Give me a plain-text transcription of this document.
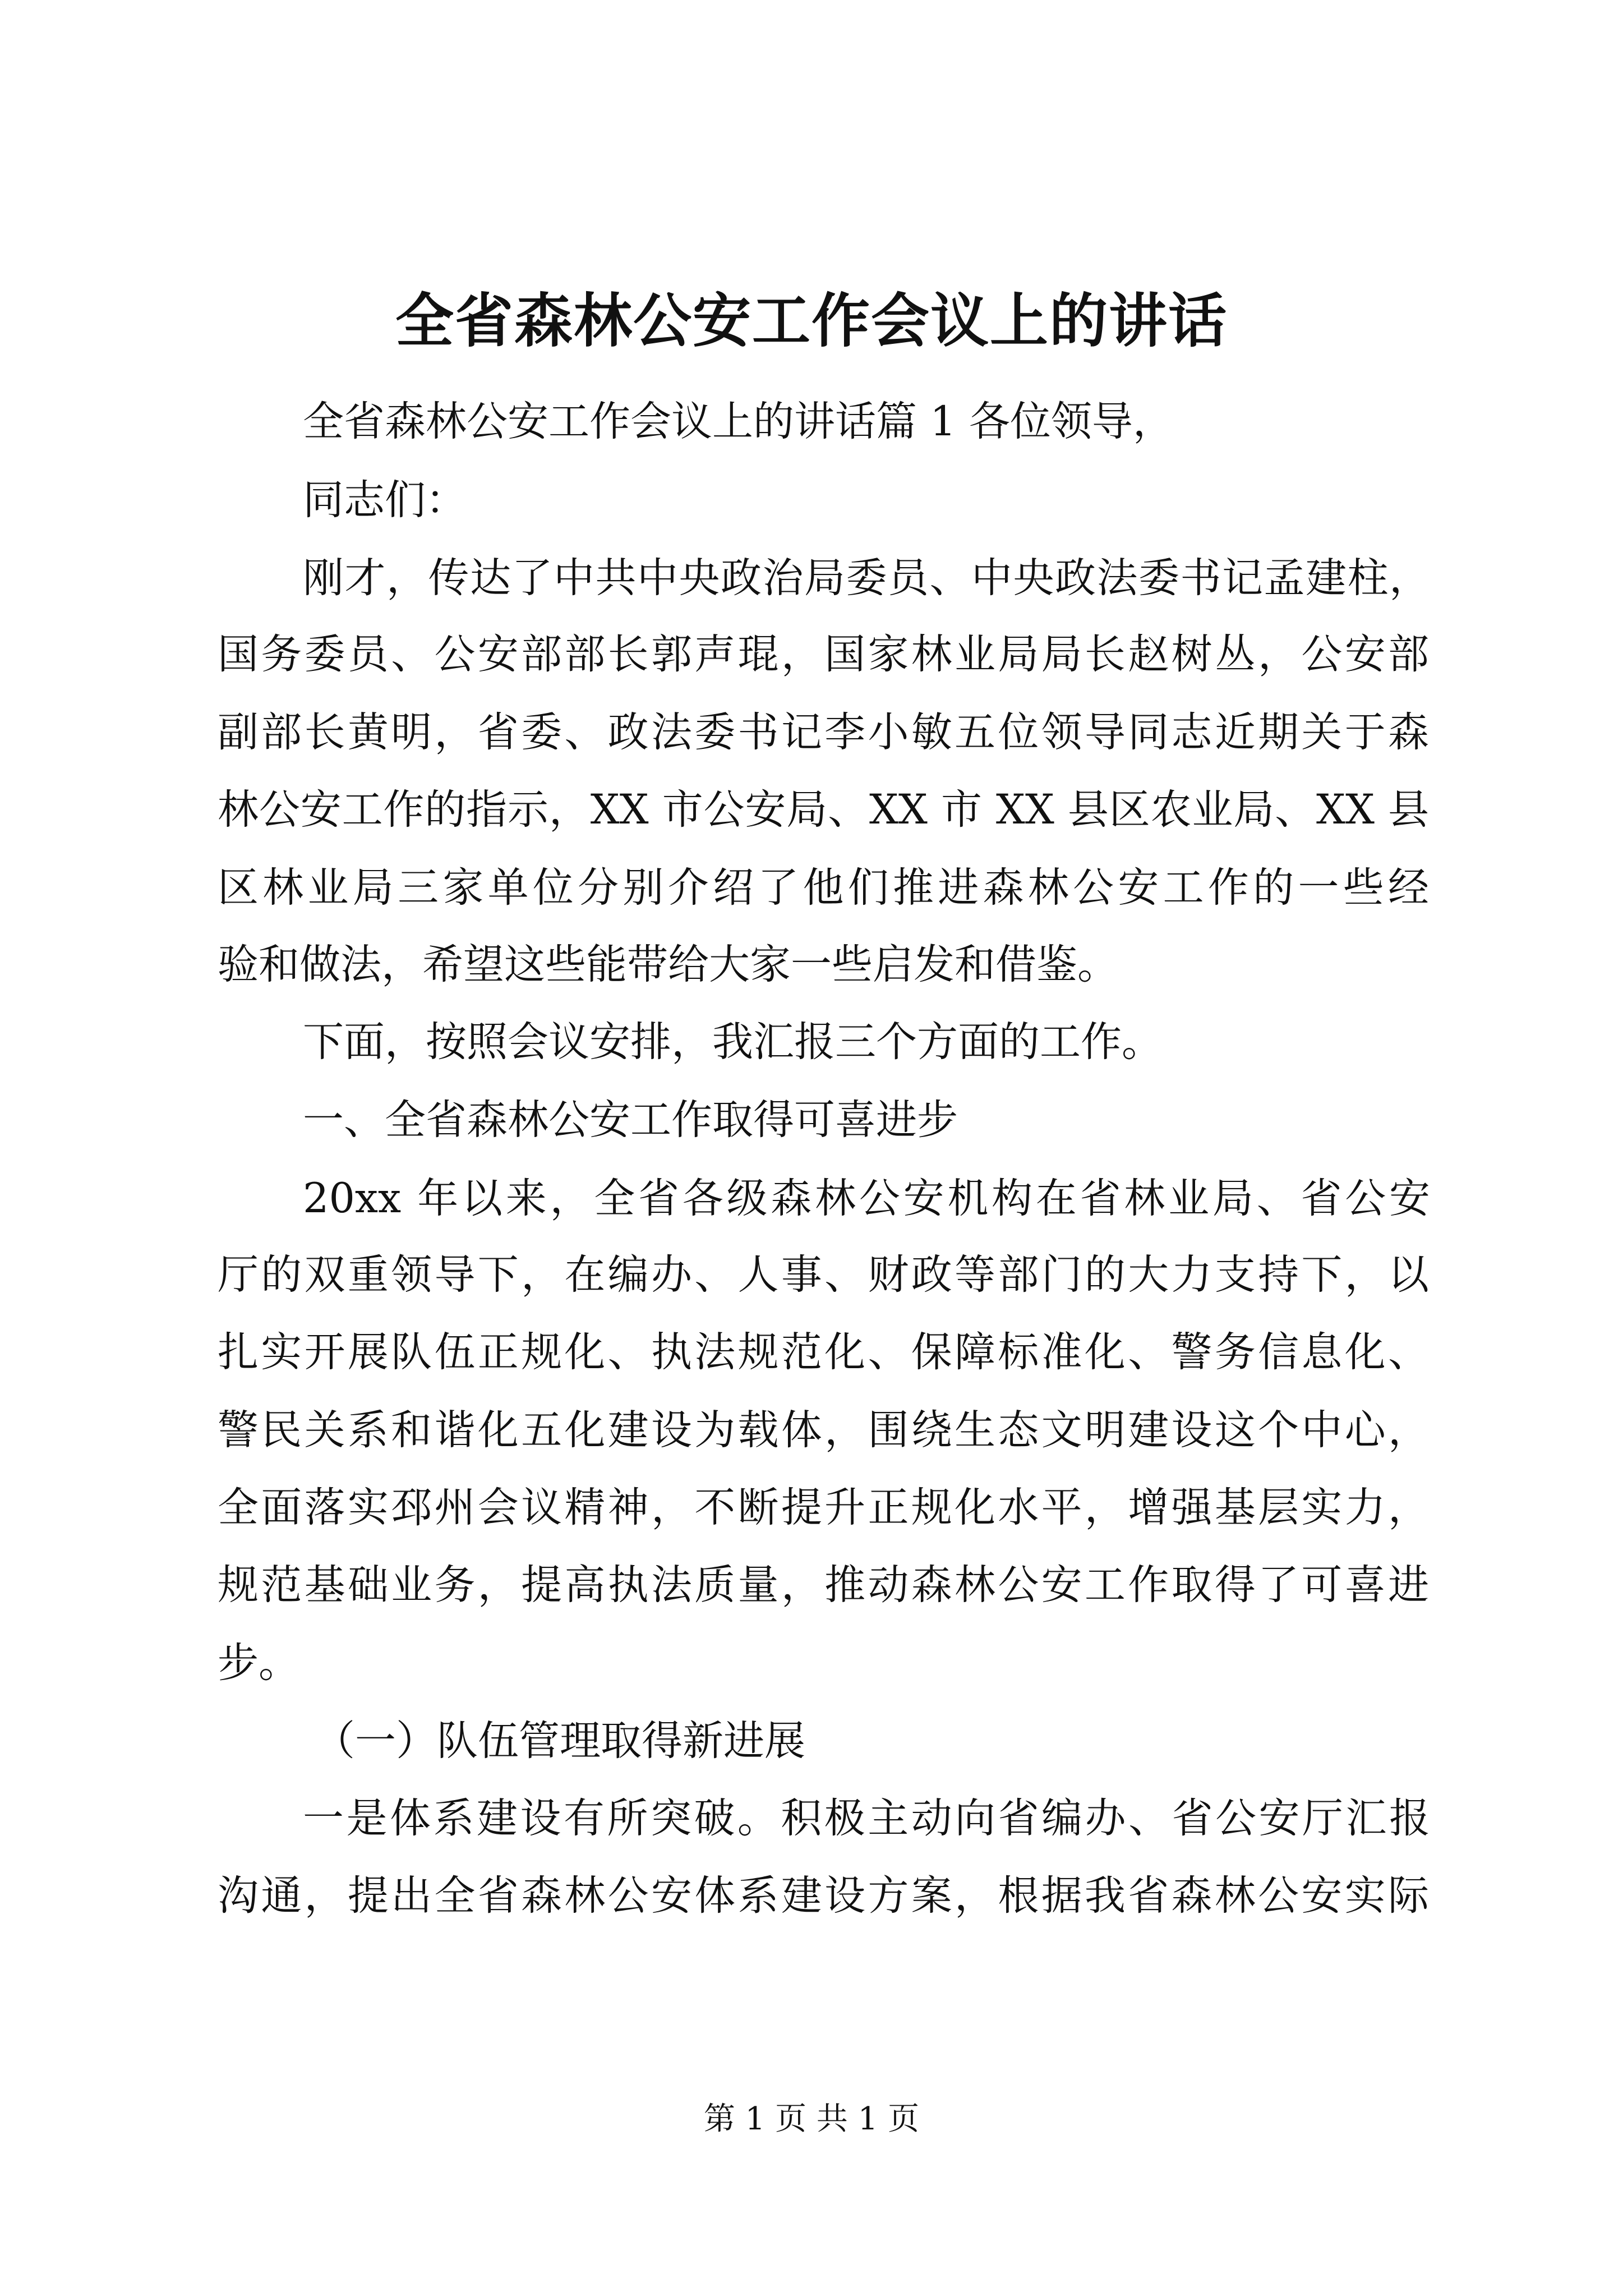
全省森林公安工作会议上的讲话

全省森林公安工作会议上的讲话篇 1 各位领导，

同志们：

刚才，传达了中共中央政治局委员、中央政法委书记孟建柱，

国务委员、公安部部长郭声琨，国家林业局局长赵树丛，公安部

副部长黄明，省委、政法委书记李小敏五位领导同志近期关于森

林公安工作的指示，XX 市公安局、XX 市 XX 县区农业局、XX 县

区林业局三家单位分别介绍了他们推进森林公安工作的一些经

验和做法，希望这些能带给大家一些启发和借鉴。

下面，按照会议安排，我汇报三个方面的工作。

一、全省森林公安工作取得可喜进步

20xx 年以来，全省各级森林公安机构在省林业局、省公安

厅的双重领导下，在编办、人事、财政等部门的大力支持下，以

扎实开展队伍正规化、执法规范化、保障标准化、警务信息化、

警民关系和谐化五化建设为载体，围绕生态文明建设这个中心，

全面落实邳州会议精神，不断提升正规化水平，增强基层实力，

规范基础业务，提高执法质量，推动森林公安工作取得了可喜进

步。

（一）队伍管理取得新进展

一是体系建设有所突破。积极主动向省编办、省公安厅汇报

沟通，提出全省森林公安体系建设方案，根据我省森林公安实际

第 1 页 共 1 页
